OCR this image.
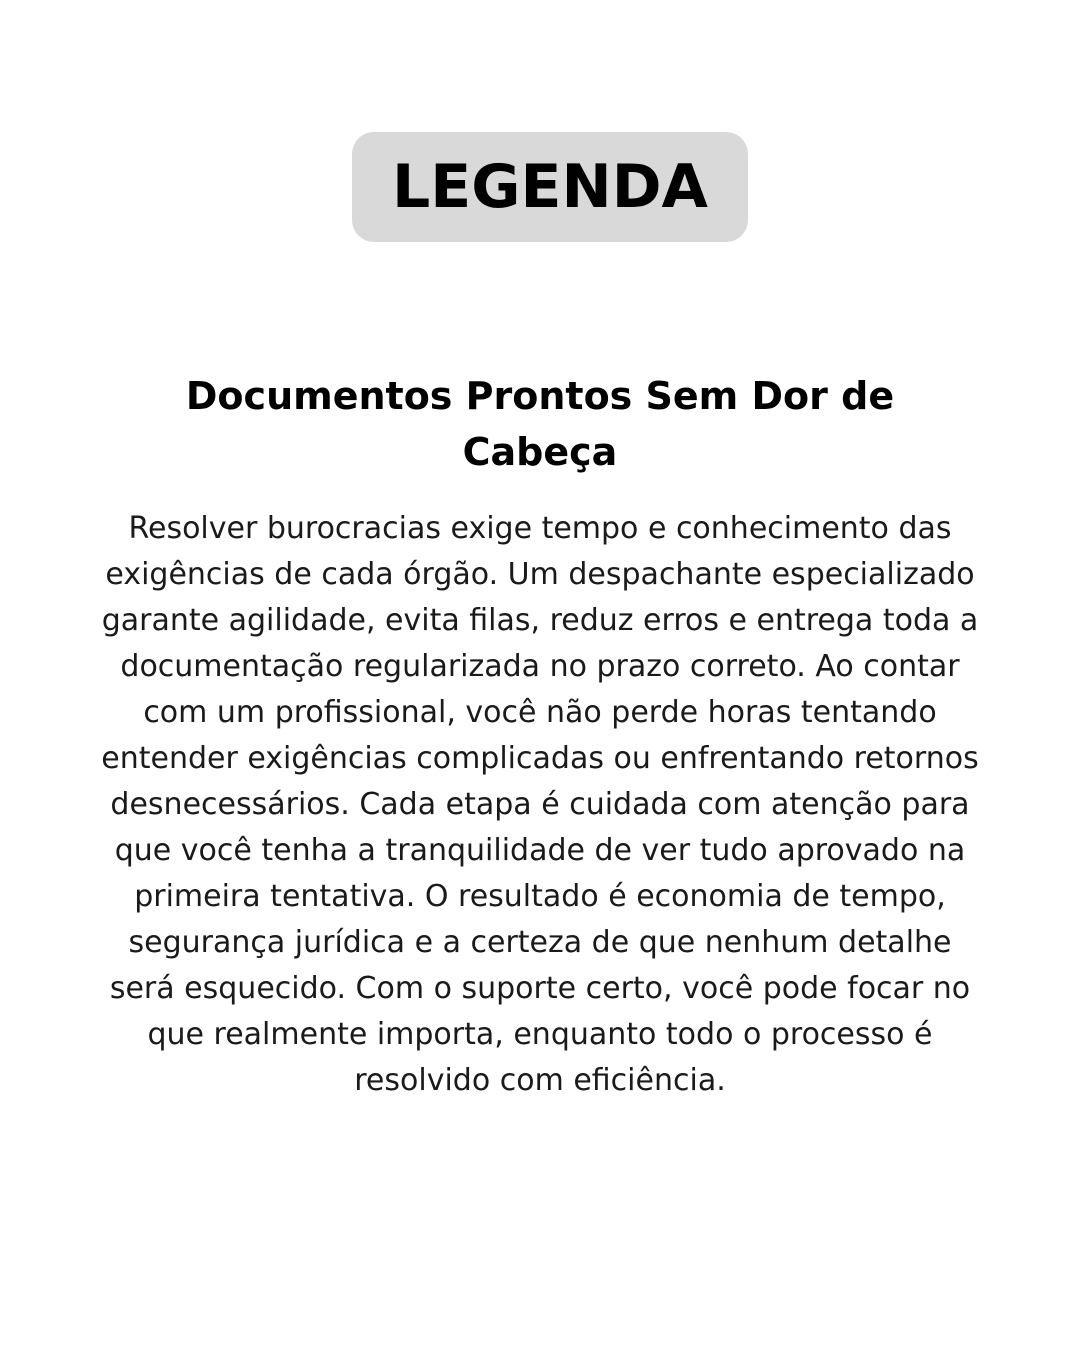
LEGENDA
Documentos Prontos Sem Dor de Cabeça

Resolver burocracias exige tempo e conhecimento das exigências de cada órgão. Um despachante especializado garante agilidade, evita filas, reduz erros e entrega toda a documentação regularizada no prazo correto. Ao contar com um profissional, você não perde horas tentando entender exigências complicadas ou enfrentando retornos desnecessários. Cada etapa é cuidada com atenção para que você tenha a tranquilidade de ver tudo aprovado na primeira tentativa. O resultado é economia de tempo, segurança jurídica e a certeza de que nenhum detalhe será esquecido. Com o suporte certo, você pode focar no que realmente importa, enquanto todo o processo é resolvido com eficiência.
